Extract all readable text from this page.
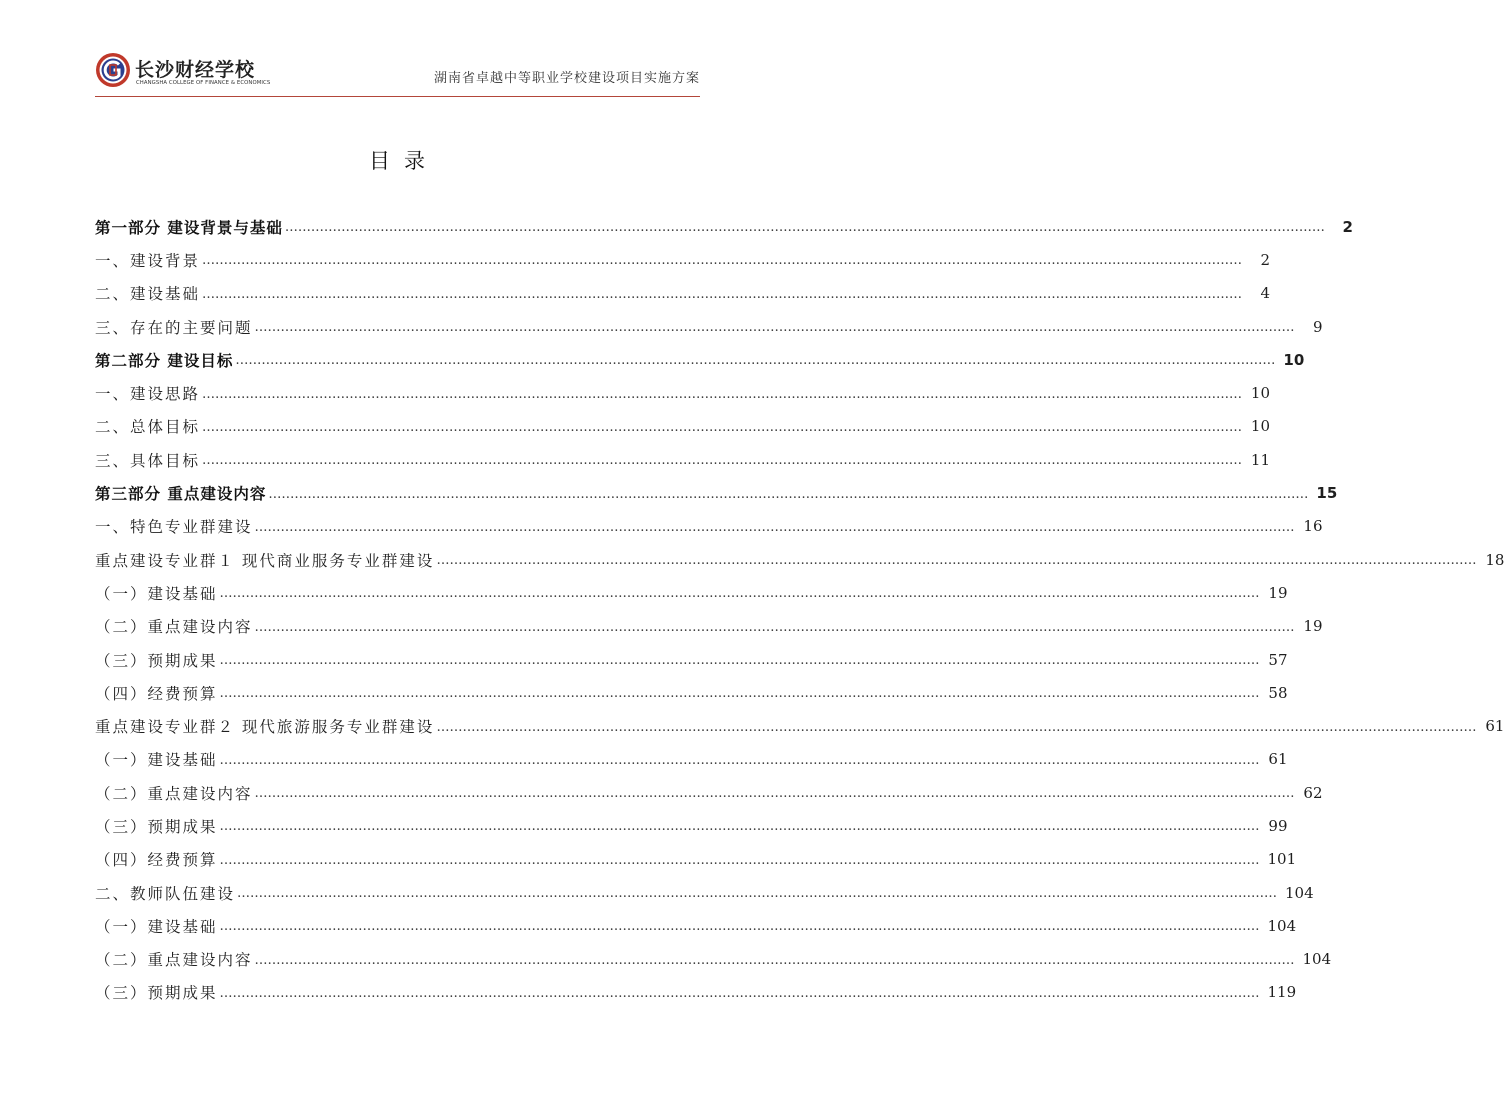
长沙财经学校
CHANGSHA COLLEGE OF FINANCE & ECONOMICS	湖南省卓越中等职业学校建设项目实施方案
目录
第一部分 建设背景与基础 ……………………………………………………………………………………………………………………………………………………………………………………………………………………	2
一、建设背景 ……………………………………………………………………………………………………………………………………………………………………………………………………………………	2
二、建设基础 ……………………………………………………………………………………………………………………………………………………………………………………………………………………	4
三、存在的主要问题 ……………………………………………………………………………………………………………………………………………………………………………………………………………………	9
第二部分 建设目标 …………………………………………………………………………………………………………………………………………………………………………………………………………………… 10
一、建设思路 …………………………………………………………………………………………………………………………………………………………………………………………………………………… 10
二、总体目标 …………………………………………………………………………………………………………………………………………………………………………………………………………………… 10
三、具体目标 …………………………………………………………………………………………………………………………………………………………………………………………………………………… 11
第三部分 重点建设内容 …………………………………………………………………………………………………………………………………………………………………………………………………………………… 15
一、特色专业群建设 …………………………………………………………………………………………………………………………………………………………………………………………………………………… 16
重点建设专业群１ 现代商业服务专业群建设 …………………………………………………………………………………………………………………………………………………………………………………………………………………… 18
（一）建设基础 …………………………………………………………………………………………………………………………………………………………………………………………………………………… 19
（二）重点建设内容 …………………………………………………………………………………………………………………………………………………………………………………………………………………… 19
（三）预期成果 …………………………………………………………………………………………………………………………………………………………………………………………………………………… 57
（四）经费预算 …………………………………………………………………………………………………………………………………………………………………………………………………………………… 58
重点建设专业群２ 现代旅游服务专业群建设 …………………………………………………………………………………………………………………………………………………………………………………………………………………… 61
（一）建设基础 …………………………………………………………………………………………………………………………………………………………………………………………………………………… 61
（二）重点建设内容 …………………………………………………………………………………………………………………………………………………………………………………………………………………… 62
（三）预期成果 …………………………………………………………………………………………………………………………………………………………………………………………………………………… 99
（四）经费预算 …………………………………………………………………………………………………………………………………………………………………………………………………………………… 101
二、教师队伍建设 …………………………………………………………………………………………………………………………………………………………………………………………………………………… 104
（一）建设基础 …………………………………………………………………………………………………………………………………………………………………………………………………………………… 104
（二）重点建设内容 …………………………………………………………………………………………………………………………………………………………………………………………………………………… 104
（三）预期成果 …………………………………………………………………………………………………………………………………………………………………………………………………………………… 119
